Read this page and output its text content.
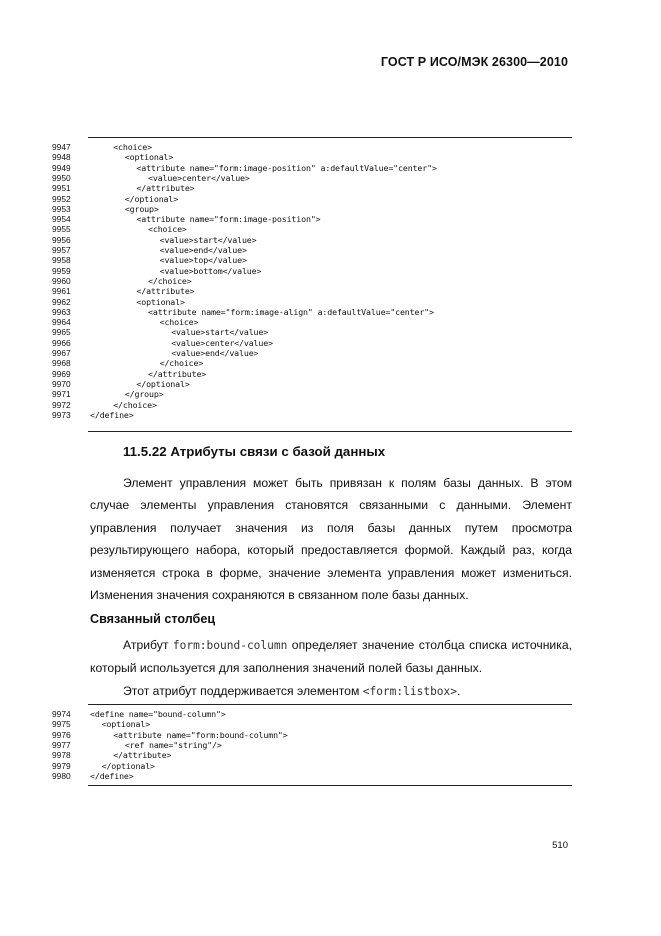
ГОСТ Р ИСО/МЭК 26300—2010
9947	<choice>
9948	<optional>
9949	<attribute name="form:image-position" a:defaultValue="center">
9950	<value>center</value>
9951	</attribute>
9952	</optional>
9953	<group>
9954	<attribute name="form:image-position">
9955	<choice>
9956	<value>start</value>
9957	<value>end</value>
9958	<value>top</value>
9959	<value>bottom</value>
9960	</choice>
9961	</attribute>
9962	<optional>
9963	<attribute name="form:image-align" a:defaultValue="center">
9964	<choice>
9965	<value>start</value>
9966	<value>center</value>
9967	<value>end</value>
9968	</choice>
9969	</attribute>
9970	</optional>
9971	</group>
9972	</choice>
9973	</define>
11.5.22 Атрибуты связи с базой данных

Элемент управления может быть привязан к полям базы данных. В этом случае элементы управления становятся связанными с данными. Элемент управления получает значения из поля базы данных путем просмотра результирующего набора, который предоставляется формой. Каждый раз, когда изменяется строка в форме, значение элемента управления может измениться. Изменения значения сохраняются в связанном поле базы данных.

Связанный столбец

Атрибут form:bound-column определяет значение столбца списка источника, который используется для заполнения значений полей базы данных.

Этот атрибут поддерживается элементом <form:listbox>.

9974	<define name="bound-column">
9975	<optional>
9976	<attribute name="form:bound-column">
9977	<ref name="string"/>
9978	</attribute>
9979	</optional>
9980	</define>
510
